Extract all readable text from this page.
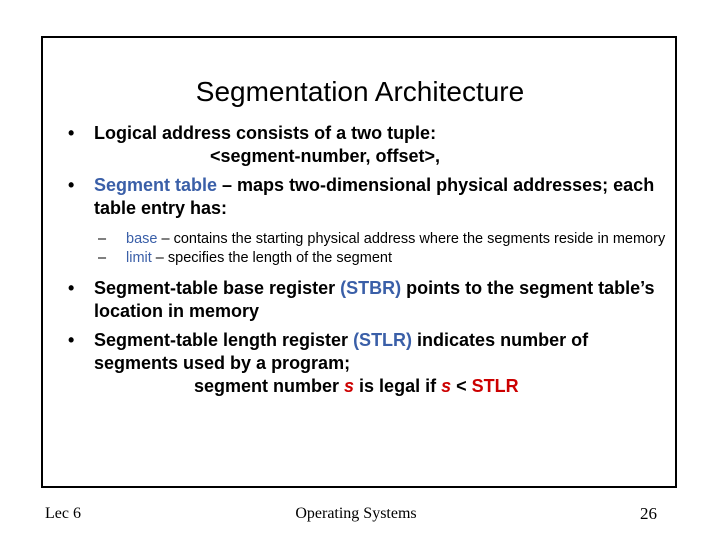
Segmentation Architecture

• Logical address consists of a two tuple:

<segment-number, offset>,

• Segment table – maps two-dimensional physical addresses; each table entry has:

– base – contains the starting physical address where the segments reside in memory

– limit – specifies the length of the segment

• Segment-table base register (STBR) points to the segment table’s location in memory

• Segment-table length register (STLR) indicates number of segments used by a program;

segment number s is legal if s < STLR

Lec 6	Operating Systems	26
